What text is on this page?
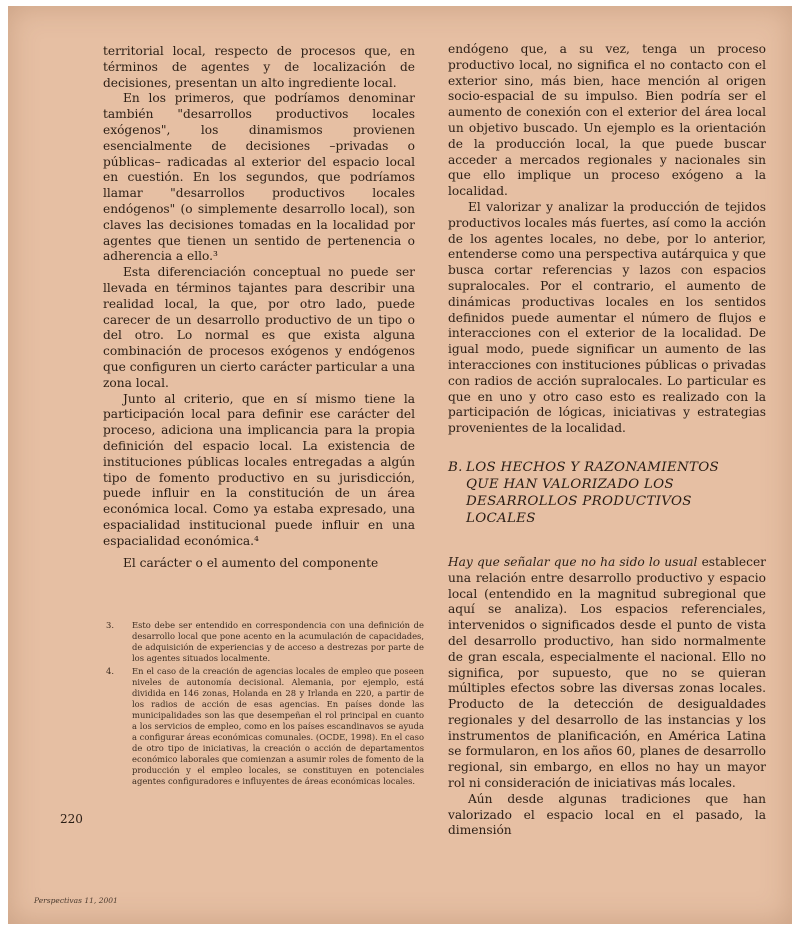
territorial local, respecto de procesos que, en términos de agentes y de localización de decisiones, presentan un alto ingrediente local.

En los primeros, que podríamos denominar también "desarrollos productivos locales exógenos", los dinamismos provienen esencialmente de decisiones –privadas o públicas– radicadas al exterior del espacio local en cuestión. En los segundos, que podríamos llamar "desarrollos productivos locales endógenos" (o simplemente desarrollo local), son claves las decisiones tomadas en la localidad por agentes que tienen un sentido de pertenencia o adherencia a ello.³

Esta diferenciación conceptual no puede ser llevada en términos tajantes para describir una realidad local, la que, por otro lado, puede carecer de un desarrollo productivo de un tipo o del otro. Lo normal es que exista alguna combinación de procesos exógenos y endógenos que configuren un cierto carácter particular a una zona local.

Junto al criterio, que en sí mismo tiene la participación local para definir ese carácter del proceso, adiciona una implicancia para la propia definición del espacio local. La existencia de instituciones públicas locales entregadas a algún tipo de fomento productivo en su jurisdicción, puede influir en la constitución de un área económica local. Como ya estaba expresado, una espacialidad institucional puede influir en una espacialidad económica.⁴

El carácter o el aumento del componente

endógeno que, a su vez, tenga un proceso productivo local, no significa el no contacto con el exterior sino, más bien, hace mención al origen socio-espacial de su impulso. Bien podría ser el aumento de conexión con el exterior del área local un objetivo buscado. Un ejemplo es la orientación de la producción local, la que puede buscar acceder a mercados regionales y nacionales sin que ello implique un proceso exógeno a la localidad.

El valorizar y analizar la producción de tejidos productivos locales más fuertes, así como la acción de los agentes locales, no debe, por lo anterior, entenderse como una perspectiva autárquica y que busca cortar referencias y lazos con espacios supralocales. Por el contrario, el aumento de dinámicas productivas locales en los sentidos definidos puede aumentar el número de flujos e interacciones con el exterior de la localidad. De igual modo, puede significar un aumento de las interacciones con instituciones públicas o privadas con radios de acción supralocales. Lo particular es que en uno y otro caso esto es realizado con la participación de lógicas, iniciativas y estrategias provenientes de la localidad.

B. LOS HECHOS Y RAZONAMIENTOS
QUE HAN VALORIZADO LOS
DESARROLLOS PRODUCTIVOS
LOCALES

Hay que señalar que no ha sido lo usual establecer una relación entre desarrollo productivo y espacio local (entendido en la magnitud subregional que aquí se analiza). Los espacios referenciales, intervenidos o significados desde el punto de vista del desarrollo productivo, han sido normalmente de gran escala, especialmente el nacional. Ello no significa, por supuesto, que no se quieran múltiples efectos sobre las diversas zonas locales. Producto de la detección de desigualdades regionales y del desarrollo de las instancias y los instrumentos de planificación, en América Latina se formularon, en los años 60, planes de desarrollo regional, sin embargo, en ellos no hay un mayor rol ni consideración de iniciativas más locales.

Aún desde algunas tradiciones que han valorizado el espacio local en el pasado, la dimensión

3.	Esto debe ser entendido en correspondencia con una definición de desarrollo local que pone acento en la acumulación de capacidades, de adquisición de experiencias y de acceso a destrezas por parte de los agentes situados localmente.
4.	En el caso de la creación de agencias locales de empleo que poseen niveles de autonomía decisional. Alemania, por ejemplo, está dividida en 146 zonas, Holanda en 28 y Irlanda en 220, a partir de los radios de acción de esas agencias. En países donde las municipalidades son las que desempeñan el rol principal en cuanto a los servicios de empleo, como en los países escandinavos se ayuda a configurar áreas económicas comunales. (OCDE, 1998). En el caso de otro tipo de iniciativas, la creación o acción de departamentos económico laborales que comienzan a asumir roles de fomento de la producción y el empleo locales, se constituyen en potenciales agentes configuradores e influyentes de áreas económicas locales.
220
Perspectivas 11, 2001
